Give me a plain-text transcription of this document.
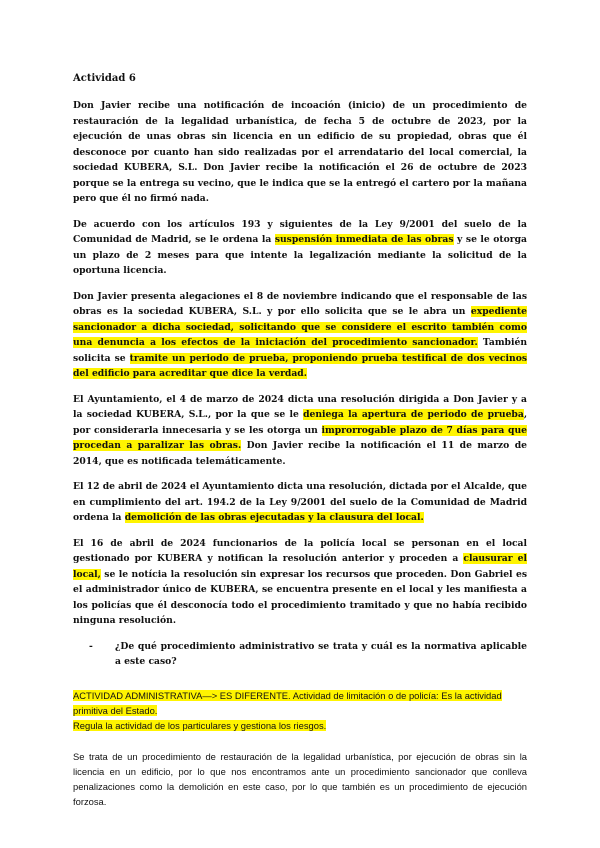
Actividad 6

Don Javier recibe una notificación de incoación (inicio) de un procedimiento de restauración de la legalidad urbanística, de fecha 5 de octubre de 2023, por la ejecución de unas obras sin licencia en un edificio de su propiedad, obras que él desconoce por cuanto han sido realizadas por el arrendatario del local comercial, la sociedad KUBERA, S.L. Don Javier recibe la notificación el 26 de octubre de 2023 porque se la entrega su vecino, que le indica que se la entregó el cartero por la mañana pero que él no firmó nada.

De acuerdo con los artículos 193 y siguientes de la Ley 9/2001 del suelo de la Comunidad de Madrid, se le ordena la suspensión inmediata de las obras y se le otorga un plazo de 2 meses para que intente la legalización mediante la solicitud de la oportuna licencia.

Don Javier presenta alegaciones el 8 de noviembre indicando que el responsable de las obras es la sociedad KUBERA, S.L. y por ello solicita que se le abra un expediente sancionador a dicha sociedad, solicitando que se considere el escrito también como una denuncia a los efectos de la iniciación del procedimiento sancionador. También solicita se tramite un periodo de prueba, proponiendo prueba testifical de dos vecinos del edificio para acreditar que dice la verdad.

El Ayuntamiento, el 4 de marzo de 2024 dicta una resolución dirigida a Don Javier y a la sociedad KUBERA, S.L., por la que se le deniega la apertura de periodo de prueba, por considerarla innecesaria y se les otorga un improrrogable plazo de 7 días para que procedan a paralizar las obras. Don Javier recibe la notificación el 11 de marzo de 2014, que es notificada telemáticamente.

El 12 de abril de 2024 el Ayuntamiento dicta una resolución, dictada por el Alcalde, que en cumplimiento del art. 194.2 de la Ley 9/2001 del suelo de la Comunidad de Madrid ordena la demolición de las obras ejecutadas y la clausura del local.

El 16 de abril de 2024 funcionarios de la policía local se personan en el local gestionado por KUBERA y notifican la resolución anterior y proceden a clausurar el local, se le notícia la resolución sin expresar los recursos que proceden. Don Gabriel es el administrador único de KUBERA, se encuentra presente en el local y les manifiesta a los policías que él desconocía todo el procedimiento tramitado y que no había recibido ninguna resolución.

-	¿De qué procedimiento administrativo se trata y cuál es la normativa aplicable a este caso?

ACTIVIDAD ADMINISTRATIVA—> ES DIFERENTE. Actividad de limitación o de policía: Es la actividad primitiva del Estado.
Regula la actividad de los particulares y gestiona los riesgos.

Se trata de un procedimiento de restauración de la legalidad urbanística, por ejecución de obras sin la licencia en un edificio, por lo que nos encontramos ante un procedimiento sancionador que conlleva penalizaciones como la demolición en este caso, por lo que también es un procedimiento de ejecución forzosa.
